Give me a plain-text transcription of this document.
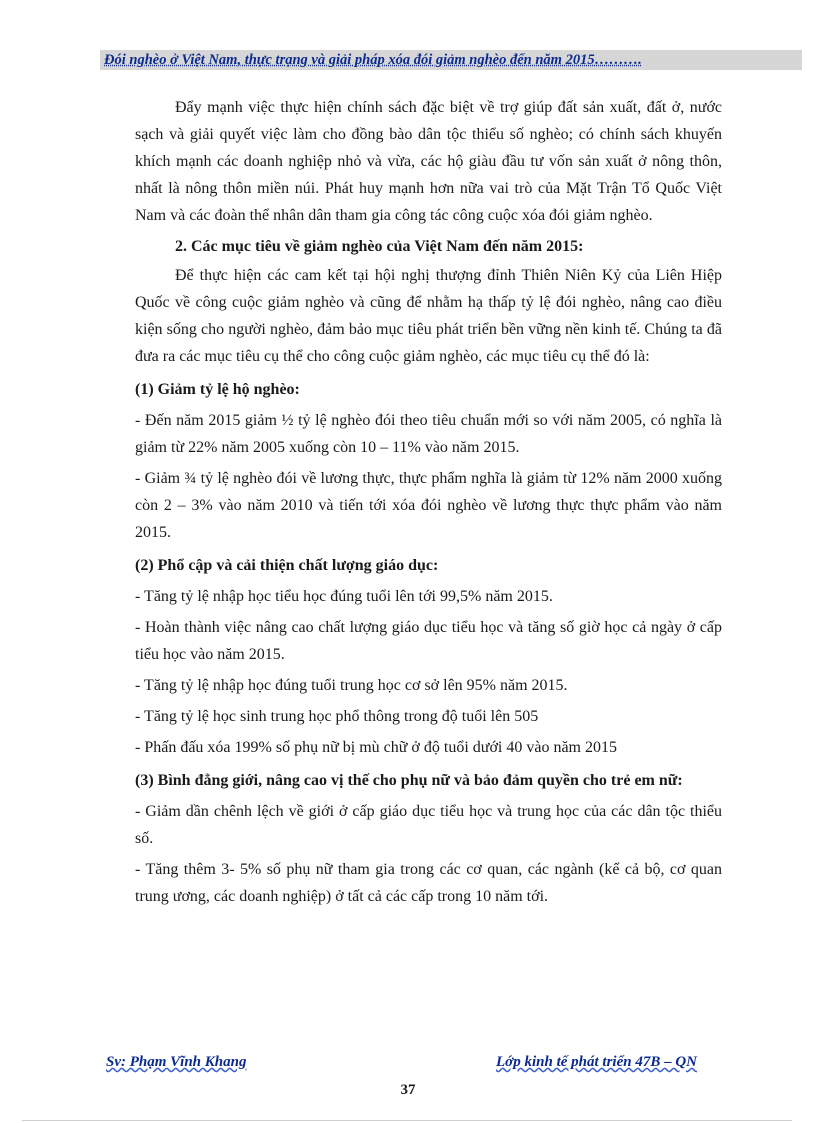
Đói nghèo ở Việt Nam, thực trạng và giải pháp xóa đói giảm nghèo đến năm 2015……….

Đẩy mạnh việc thực hiện chính sách đặc biệt về trợ giúp đất sản xuất, đất ở, nước sạch và giải quyết việc làm cho đồng bào dân tộc thiểu số nghèo; có chính sách khuyến khích mạnh các doanh nghiệp nhỏ và vừa, các hộ giàu đầu tư vốn sản xuất ở nông thôn, nhất là nông thôn miền núi. Phát huy mạnh hơn nữa vai trò của Mặt Trận Tổ Quốc Việt Nam và các đoàn thể nhân dân tham gia công tác công cuộc xóa đói giảm nghèo.

2. Các mục tiêu về giảm nghèo của Việt Nam đến năm 2015:

Để thực hiện các cam kết tại hội nghị thượng đỉnh Thiên Niên Kỷ của Liên Hiệp Quốc về công cuộc giảm nghèo và cũng để nhằm hạ thấp tỷ lệ đói nghèo, nâng cao điều kiện sống cho người nghèo, đảm bảo mục tiêu phát triển bền vững nền kinh tế. Chúng ta đã đưa ra các mục tiêu cụ thể cho công cuộc giảm nghèo, các mục tiêu cụ thể đó là:

(1) Giảm tỷ lệ hộ nghèo:

- Đến năm 2015 giảm ½ tỷ lệ nghèo đói theo tiêu chuẩn mới so với năm 2005, có nghĩa là giảm từ 22% năm 2005 xuống còn 10 – 11% vào năm 2015.

- Giảm ¾ tỷ lệ nghèo đói về lương thực, thực phẩm nghĩa là giảm từ 12% năm 2000 xuống còn 2 – 3% vào năm 2010 và tiến tới xóa đói nghèo về lương thực thực phẩm vào năm 2015.

(2) Phổ cập và cải thiện chất lượng giáo dục:

- Tăng tỷ lệ nhập học tiểu học đúng tuổi lên tới 99,5% năm 2015.

- Hoàn thành việc nâng cao chất lượng giáo dục tiểu học và tăng số giờ học cả ngày ở cấp tiểu học vào năm 2015.

- Tăng tỷ lệ nhập học đúng tuổi trung học cơ sở lên 95% năm 2015.

- Tăng tỷ lệ học sinh trung học phổ thông trong độ tuổi lên 505

- Phấn đấu xóa 199% số phụ nữ bị mù chữ ở độ tuổi dưới 40 vào năm 2015

(3) Bình đẳng giới, nâng cao vị thế cho phụ nữ và bảo đảm quyền cho trẻ em nữ:

- Giảm dần chênh lệch về giới ở cấp giáo dục tiểu học và trung học của các dân tộc thiểu số.

- Tăng thêm 3- 5% số phụ nữ tham gia trong các cơ quan, các ngành (kể cả bộ, cơ quan trung ương, các doanh nghiệp) ở tất cả các cấp trong 10 năm tới.

Sv: Phạm Vĩnh Khang	Lớp kinh tế phát triển 47B – QN
37
